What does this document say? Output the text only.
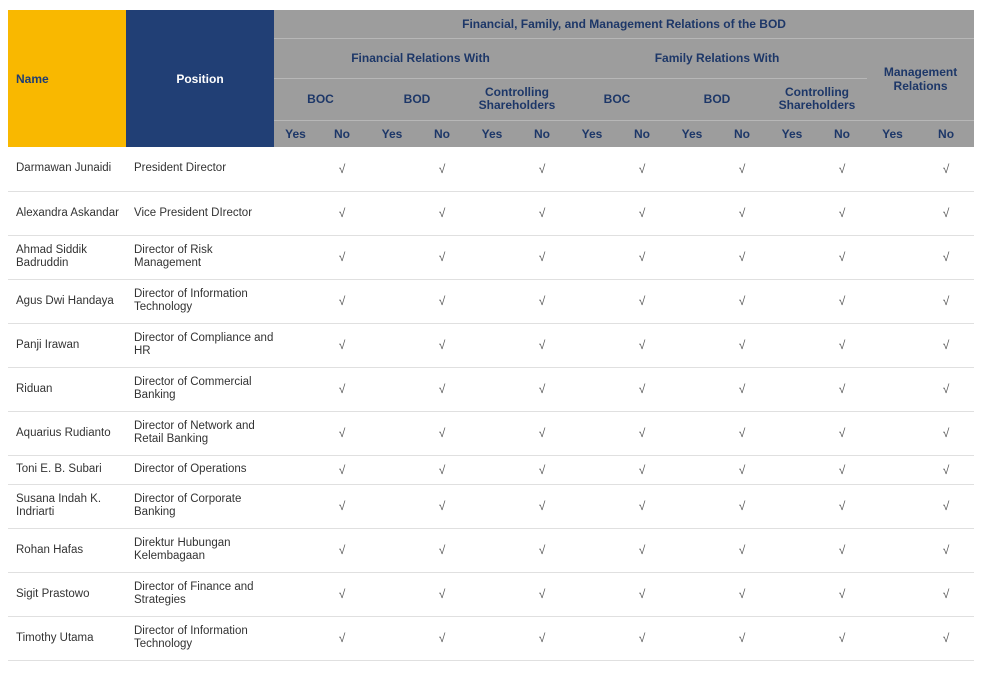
Name	Position	Financial, Family, and Management Relations of the BOD													
		Financial Relations With						Family Relations With						Management Relations	
		BOC		BOD		Controlling Shareholders		BOC		BOD		Controlling Shareholders			
		Yes	No	Yes	No	Yes	No	Yes	No	Yes	No	Yes	No	Yes	No
Darmawan Junaidi	President Director		√		√		√		√		√		√		√
Alexandra Askandar	Vice President DIrector		√		√		√		√		√		√		√
Ahmad Siddik Badruddin	Director of Risk Management		√		√		√		√		√		√		√
Agus Dwi Handaya	Director of Information Technology		√		√		√		√		√		√		√
Panji Irawan	Director of Compliance and HR		√		√		√		√		√		√		√
Riduan	Director of Commercial Banking		√		√		√		√		√		√		√
Aquarius Rudianto	Director of Network and Retail Banking		√		√		√		√		√		√		√
Toni E. B. Subari	Director of Operations		√		√		√		√		√		√		√
Susana Indah K. Indriarti	Director of Corporate Banking		√		√		√		√		√		√		√
Rohan Hafas	Direktur Hubungan Kelembagaan		√		√		√		√		√		√		√
Sigit Prastowo	Director of Finance and Strategies		√		√		√		√		√		√		√
Timothy Utama	Director of Information Technology		√		√		√		√		√		√		√
